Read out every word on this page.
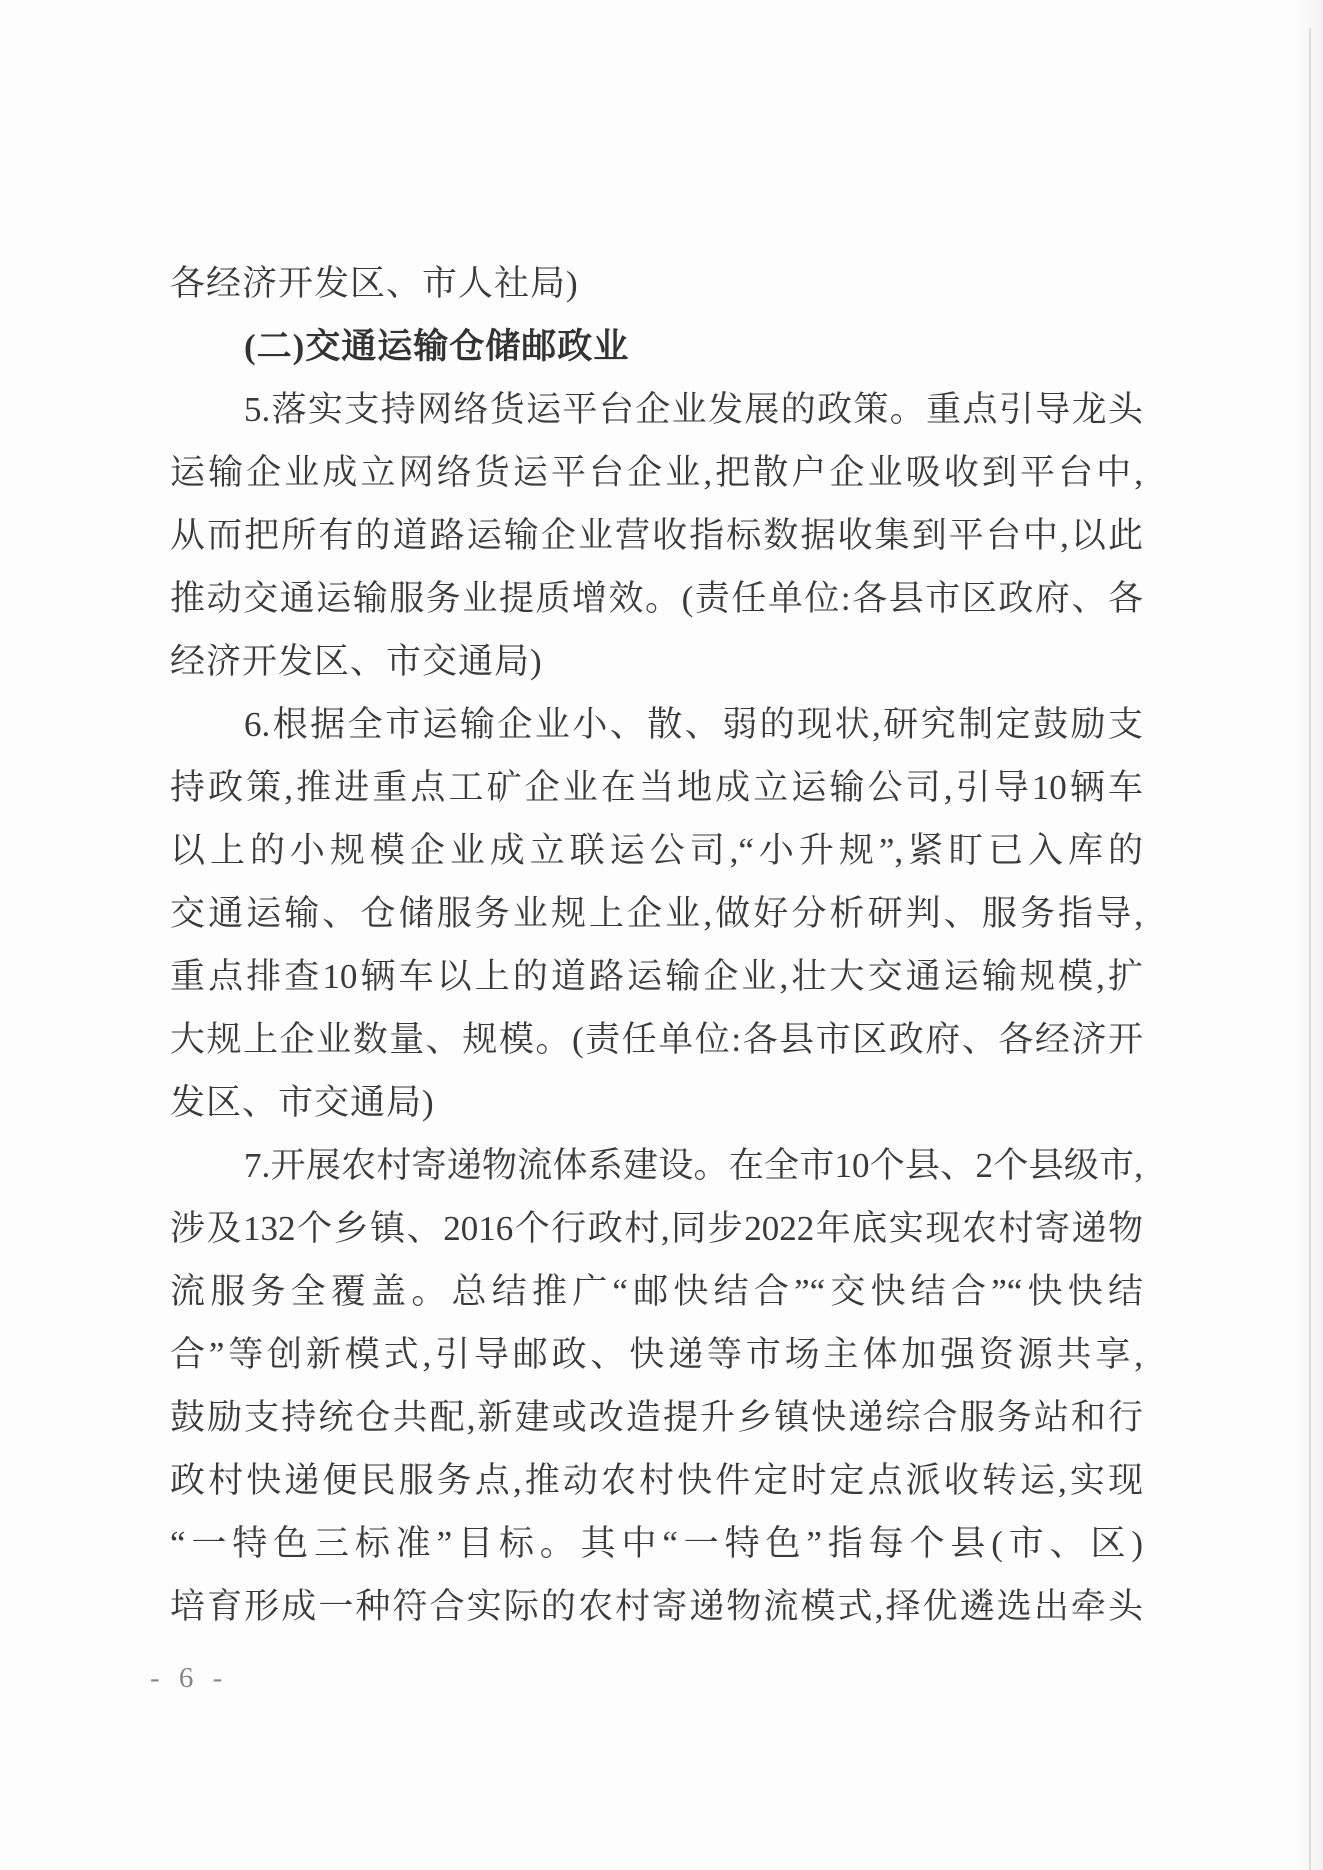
各经济开发区、市人社局)
(二)交通运输仓储邮政业
5.落实支持网络货运平台企业发展的政策。重点引导龙头
运输企业成立网络货运平台企业,把散户企业吸收到平台中,
从而把所有的道路运输企业营收指标数据收集到平台中,以此
推动交通运输服务业提质增效。(责任单位:各县市区政府、各
经济开发区、市交通局)
6.根据全市运输企业小、散、弱的现状,研究制定鼓励支
持政策,推进重点工矿企业在当地成立运输公司,引导10辆车
以上的小规模企业成立联运公司,“小升规”,紧盯已入库的
交通运输、仓储服务业规上企业,做好分析研判、服务指导,
重点排查10辆车以上的道路运输企业,壮大交通运输规模,扩
大规上企业数量、规模。(责任单位:各县市区政府、各经济开
发区、市交通局)
7.开展农村寄递物流体系建设。在全市10个县、2个县级市,
涉及132个乡镇、2016个行政村,同步2022年底实现农村寄递物
流服务全覆盖。总结推广“邮快结合”“交快结合”“快快结
合”等创新模式,引导邮政、快递等市场主体加强资源共享,
鼓励支持统仓共配,新建或改造提升乡镇快递综合服务站和行
政村快递便民服务点,推动农村快件定时定点派收转运,实现
“一特色三标准”目标。其中“一特色”指每个县(市、区)
培育形成一种符合实际的农村寄递物流模式,择优遴选出牵头
- 6 -
